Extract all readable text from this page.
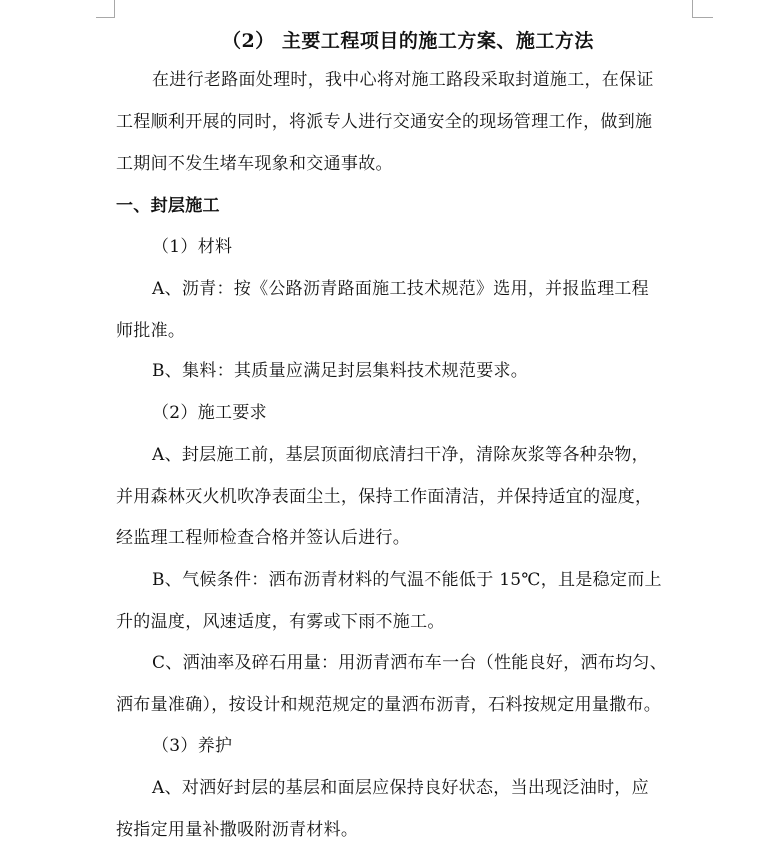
（2） 主要工程项目的施工方案、施工方法
在进行老路面处理时，我中心将对施工路段采取封道施工，在保证
工程顺利开展的同时，将派专人进行交通安全的现场管理工作，做到施
工期间不发生堵车现象和交通事故。
一、封层施工
（1）材料
A、沥青：按《公路沥青路面施工技术规范》选用，并报监理工程
师批准。
B、集料：其质量应满足封层集料技术规范要求。
（2）施工要求
A、封层施工前，基层顶面彻底清扫干净，清除灰浆等各种杂物，
并用森林灭火机吹净表面尘土，保持工作面清洁，并保持适宜的湿度，
经监理工程师检查合格并签认后进行。
B、气候条件：洒布沥青材料的气温不能低于 15℃，且是稳定而上
升的温度，风速适度，有雾或下雨不施工。
C、洒油率及碎石用量：用沥青洒布车一台（性能良好，洒布均匀、
洒布量准确），按设计和规范规定的量洒布沥青，石料按规定用量撒布。
（3）养护
A、对洒好封层的基层和面层应保持良好状态，当出现泛油时，应
按指定用量补撒吸附沥青材料。
